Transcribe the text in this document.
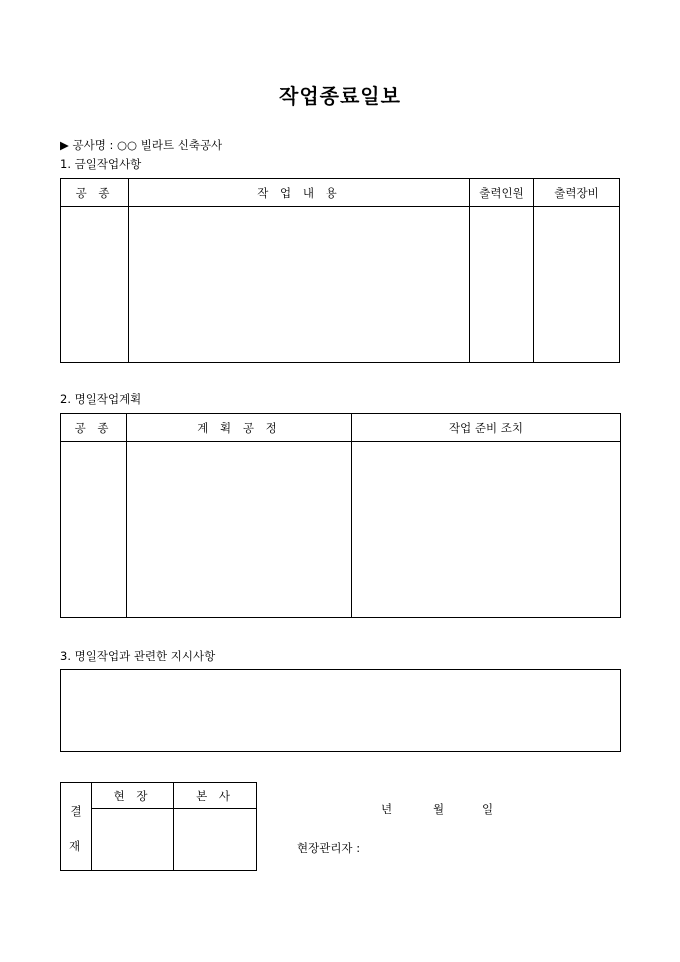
작업종료일보
▶ 공사명 : ○○ 빌라트 신축공사
1. 금일작업사항
공 종	작 업 내 용	출력인원	출력장비

2. 명일작업계획
공 종	계 획 공 정	작업 준비 조치

3. 명일작업과 관련한 지시사항
결	현 장	본 사

재
년	월	일
현장관리자 :
